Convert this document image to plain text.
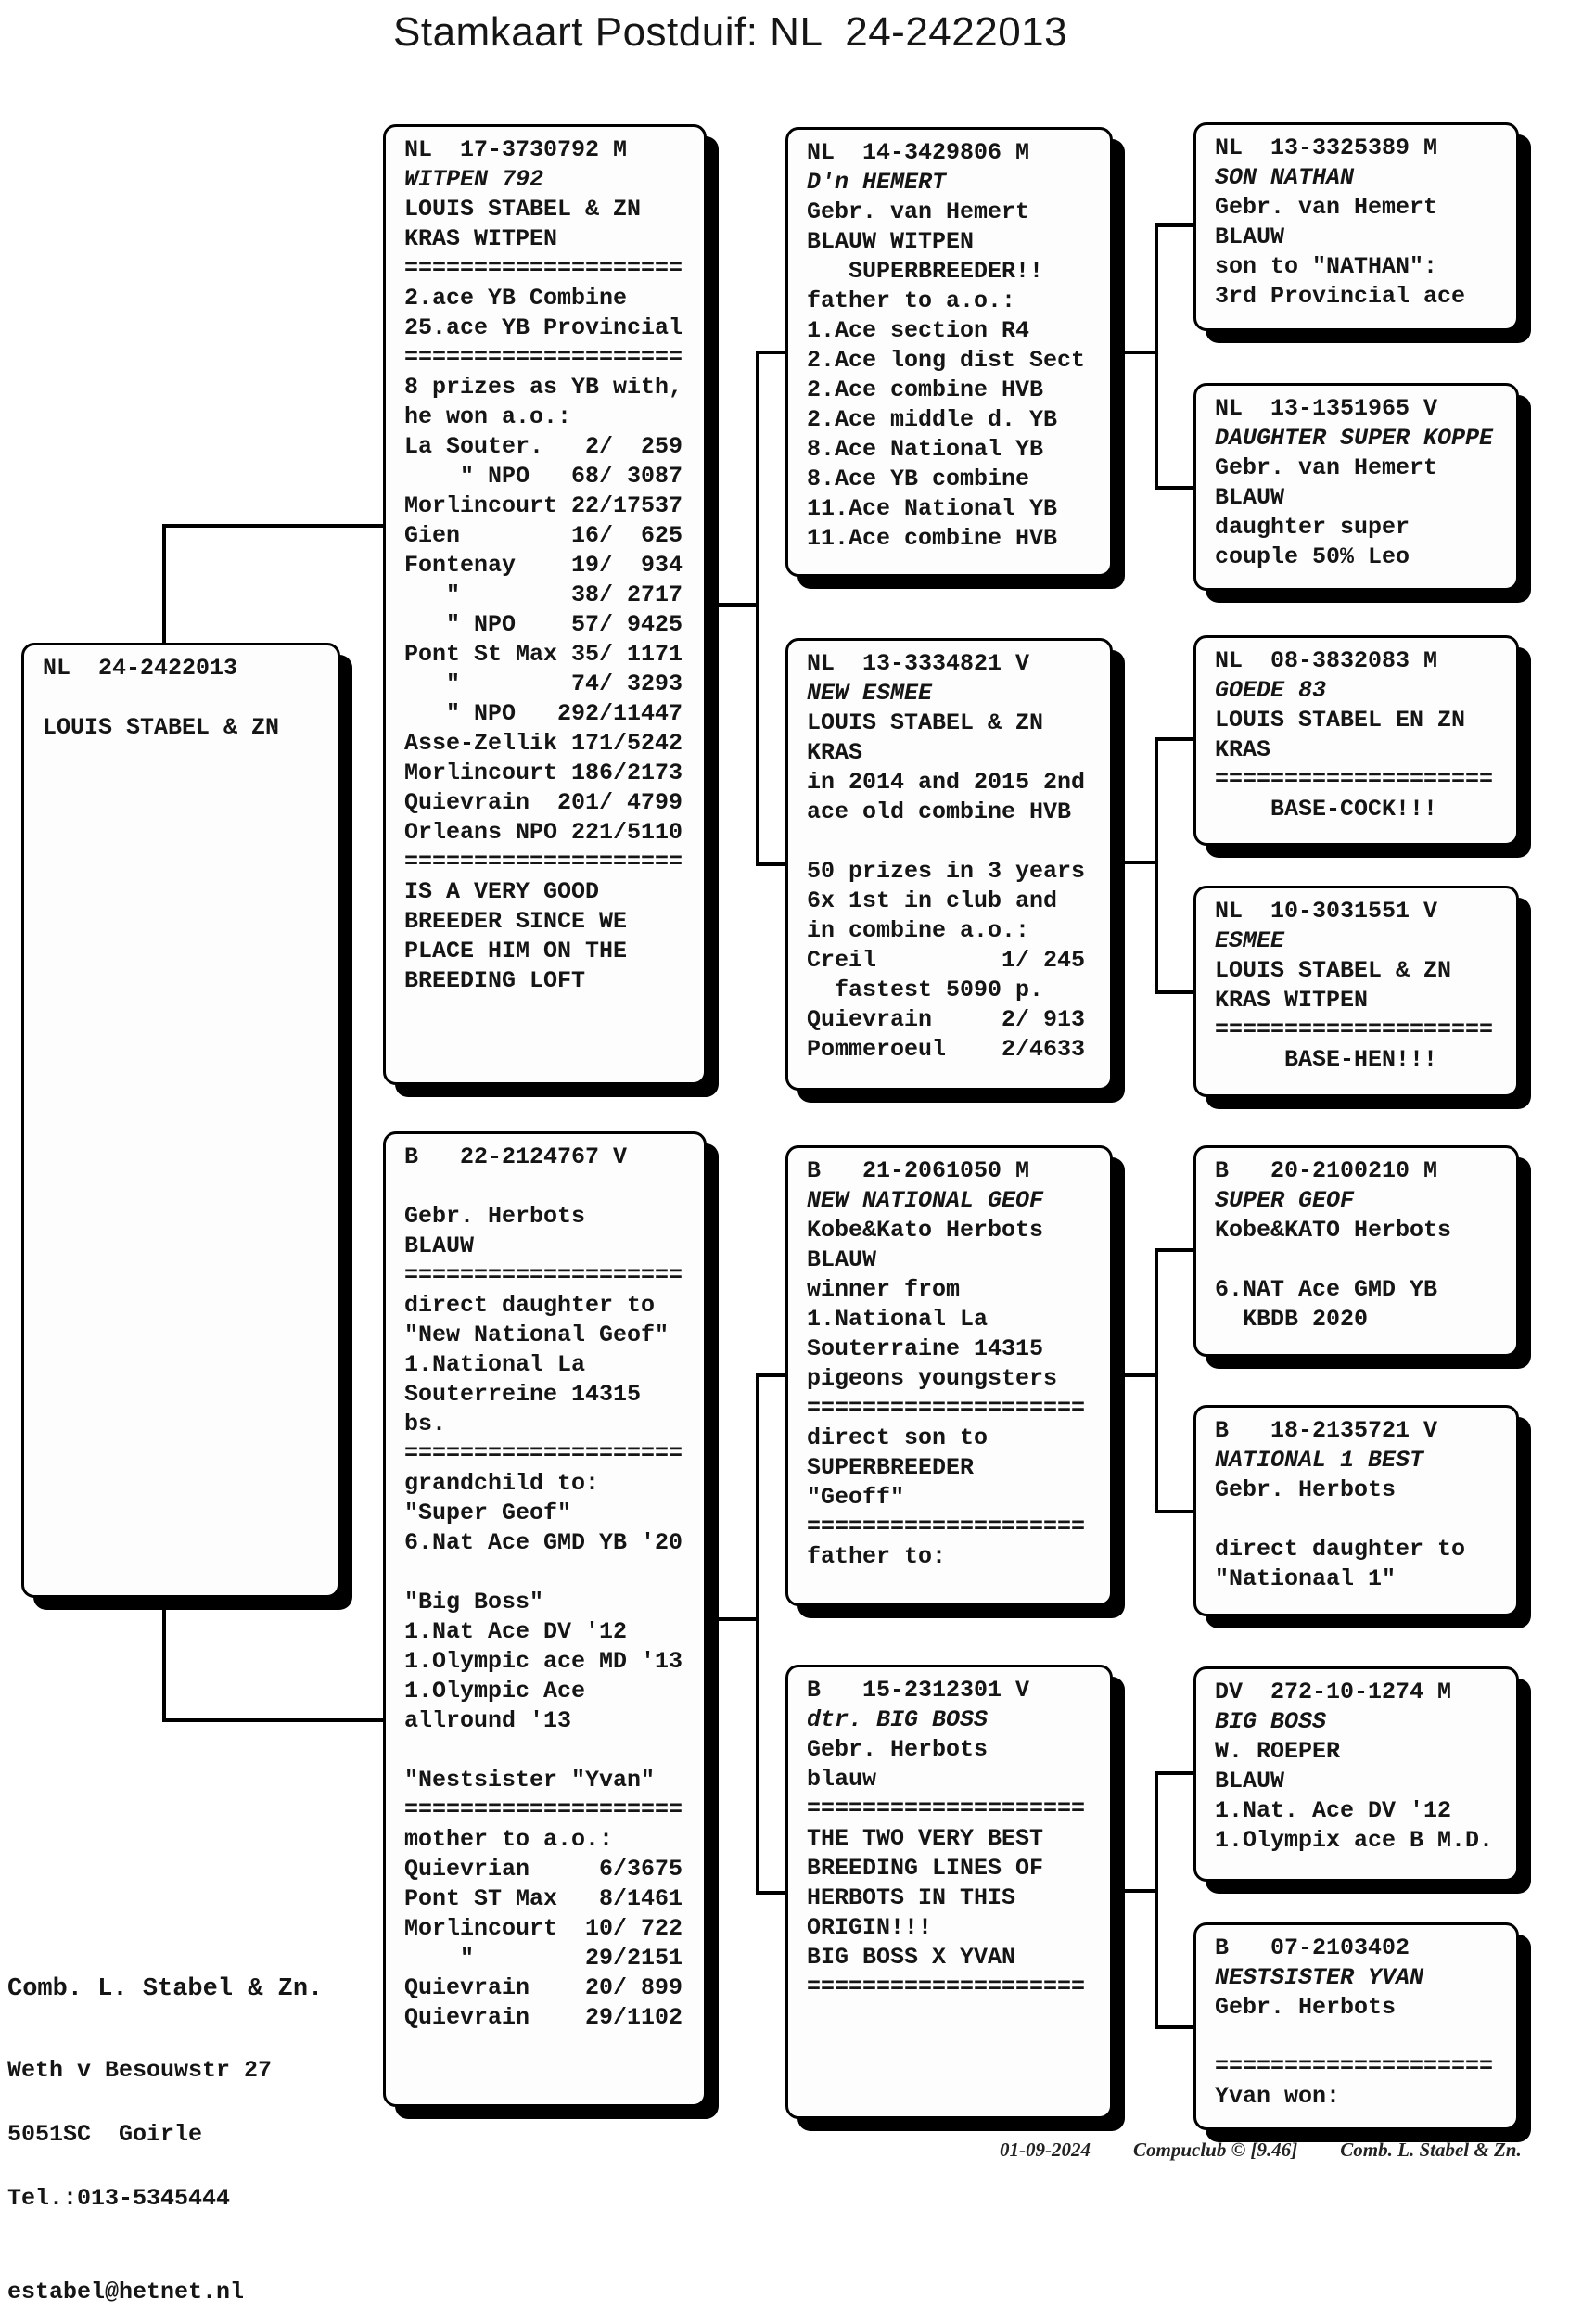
Stamkaart Postduif: NL  24-2422013
NL  24-2422013

LOUIS STABEL & ZN
NL  17-3730792 M
WITPEN 792
LOUIS STABEL & ZN
KRAS WITPEN
====================
2.ace YB Combine
25.ace YB Provincial
====================
8 prizes as YB with,
he won a.o.:
La Souter.   2/  259
" NPO   68/ 3087
Morlincourt 22/17537
Gien        16/  625
Fontenay    19/  934
"        38/ 2717
" NPO    57/ 9425
Pont St Max 35/ 1171
"        74/ 3293
" NPO   292/11447
Asse-Zellik 171/5242
Morlincourt 186/2173
Quievrain  201/ 4799
Orleans NPO 221/5110
====================
IS A VERY GOOD
BREEDER SINCE WE
PLACE HIM ON THE
BREEDING LOFT
B   22-2124767 V

Gebr. Herbots
BLAUW
====================
direct daughter to
"New National Geof"
1.National La
Souterreine 14315
bs.
====================
grandchild to:
"Super Geof"
6.Nat Ace GMD YB '20

"Big Boss"
1.Nat Ace DV '12
1.Olympic ace MD '13
1.Olympic Ace
allround '13

"Nestsister "Yvan"
====================
mother to a.o.:
Quievrian     6/3675
Pont ST Max   8/1461
Morlincourt  10/ 722
"        29/2151
Quievrain    20/ 899
Quievrain    29/1102
NL  14-3429806 M
D'n HEMERT
Gebr. van Hemert
BLAUW WITPEN
SUPERBREEDER!!
father to a.o.:
1.Ace section R4
2.Ace long dist Sect
2.Ace combine HVB
2.Ace middle d. YB
8.Ace National YB
8.Ace YB combine
11.Ace National YB
11.Ace combine HVB
NL  13-3334821 V
NEW ESMEE
LOUIS STABEL & ZN
KRAS
in 2014 and 2015 2nd
ace old combine HVB

50 prizes in 3 years
6x 1st in club and
in combine a.o.:
Creil         1/ 245
fastest 5090 p.
Quievrain     2/ 913
Pommeroeul    2/4633
B   21-2061050 M
NEW NATIONAL GEOF
Kobe&Kato Herbots
BLAUW
winner from
1.National La
Souterraine 14315
pigeons youngsters
====================
direct son to
SUPERBREEDER
"Geoff"
====================
father to:
B   15-2312301 V
dtr. BIG BOSS
Gebr. Herbots
blauw
====================
THE TWO VERY BEST
BREEDING LINES OF
HERBOTS IN THIS
ORIGIN!!!
BIG BOSS X YVAN
====================
NL  13-3325389 M
SON NATHAN
Gebr. van Hemert
BLAUW
son to "NATHAN":
3rd Provincial ace
NL  13-1351965 V
DAUGHTER SUPER KOPPE
Gebr. van Hemert
BLAUW
daughter super
couple 50% Leo
NL  08-3832083 M
GOEDE 83
LOUIS STABEL EN ZN
KRAS
====================
BASE-COCK!!!
NL  10-3031551 V
ESMEE
LOUIS STABEL & ZN
KRAS WITPEN
====================
BASE-HEN!!!
B   20-2100210 M
SUPER GEOF
Kobe&KATO Herbots

6.NAT Ace GMD YB
KBDB 2020
B   18-2135721 V
NATIONAL 1 BEST
Gebr. Herbots

direct daughter to
"Nationaal 1"
DV  272-10-1274 M
BIG BOSS
W. ROEPER
BLAUW
1.Nat. Ace DV '12
1.Olympix ace B M.D.
B   07-2103402
NESTSISTER YVAN
Gebr. Herbots

====================
Yvan won:

Comb. L. Stabel & Zn.

Weth v Besouwstr 27

5051SC  Goirle

Tel.:013-5345444

estabel@hetnet.nl

01-09-2024 Compuclub © [9.46] Comb. L. Stabel & Zn.
